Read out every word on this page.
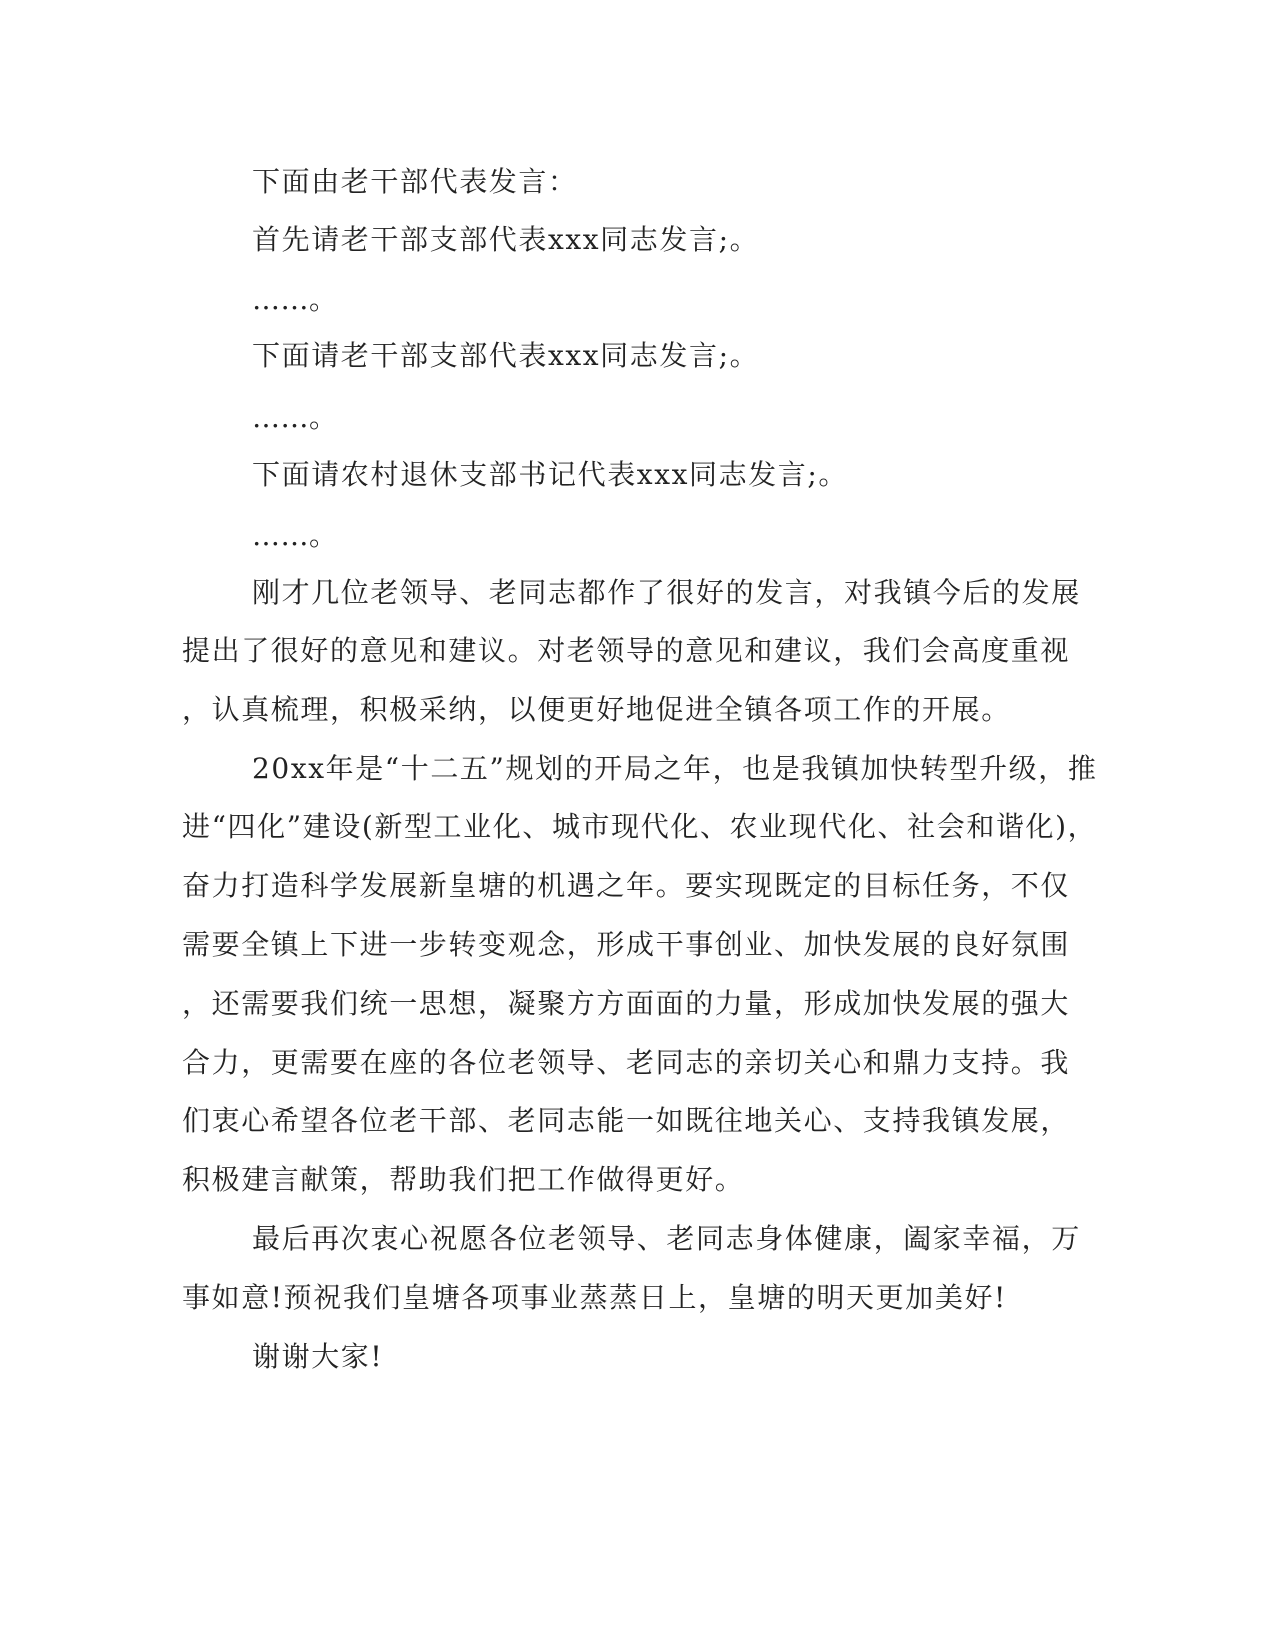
下面由老干部代表发言：

首先请老干部支部代表xxx同志发言;。

……。

下面请老干部支部代表xxx同志发言;。

……。

下面请农村退休支部书记代表xxx同志发言;。

……。

刚才几位老领导、老同志都作了很好的发言，对我镇今后的发展

提出了很好的意见和建议。对老领导的意见和建议，我们会高度重视

，认真梳理，积极采纳，以便更好地促进全镇各项工作的开展。

20xx年是“十二五”规划的开局之年，也是我镇加快转型升级，推

进“四化”建设(新型工业化、城市现代化、农业现代化、社会和谐化)，

奋力打造科学发展新皇塘的机遇之年。要实现既定的目标任务，不仅

需要全镇上下进一步转变观念，形成干事创业、加快发展的良好氛围

，还需要我们统一思想，凝聚方方面面的力量，形成加快发展的强大

合力，更需要在座的各位老领导、老同志的亲切关心和鼎力支持。我

们衷心希望各位老干部、老同志能一如既往地关心、支持我镇发展，

积极建言献策，帮助我们把工作做得更好。

最后再次衷心祝愿各位老领导、老同志身体健康，阖家幸福，万

事如意!预祝我们皇塘各项事业蒸蒸日上，皇塘的明天更加美好!

谢谢大家!
